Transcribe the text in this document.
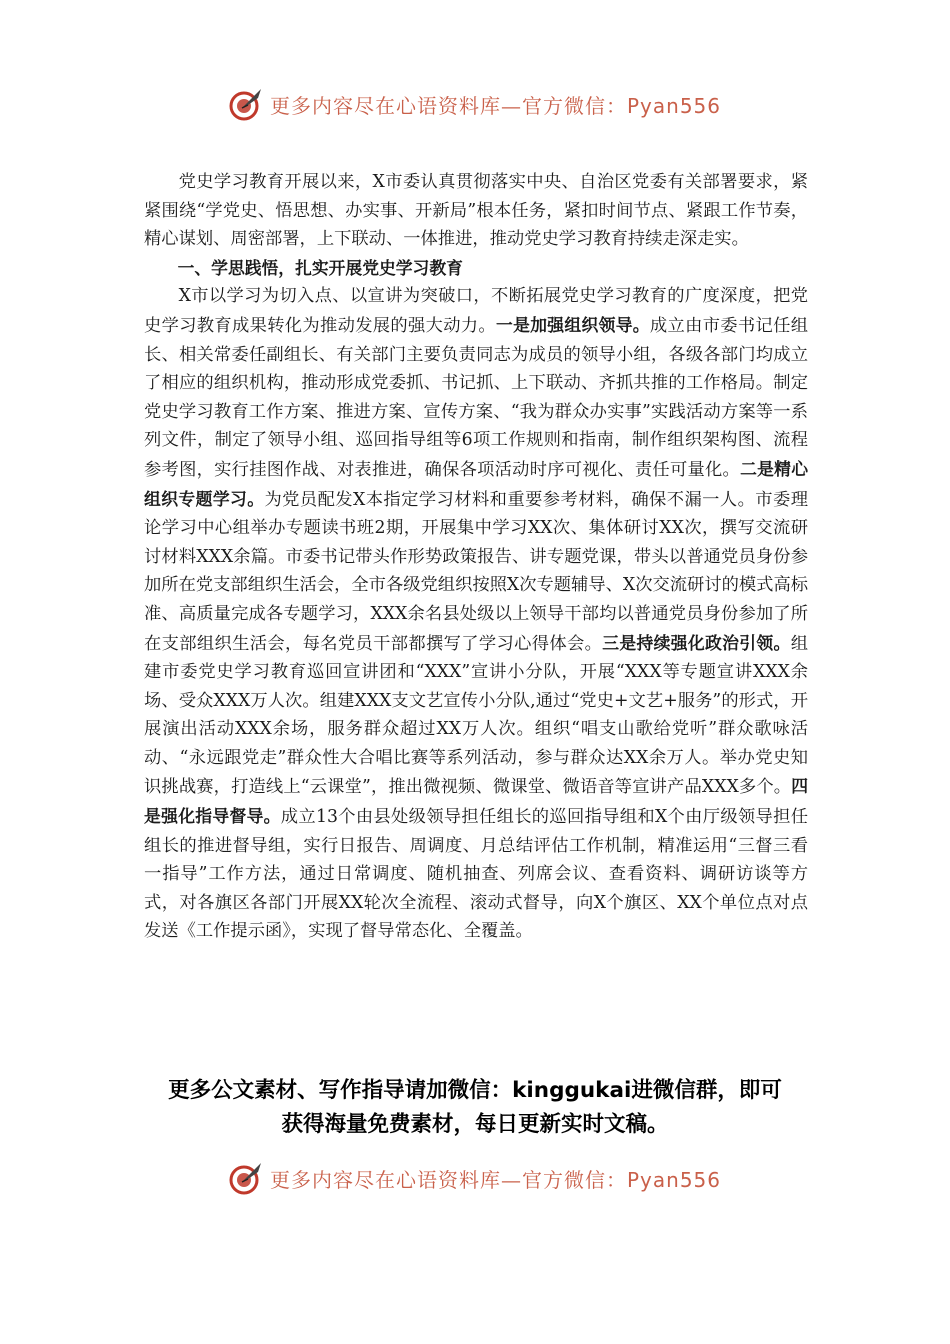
更多内容尽在心语资料库—官方微信：Pyan556

党史学习教育开展以来，X市委认真贯彻落实中央、自治区党委有关部署要求，紧紧围绕“学党史、悟思想、办实事、开新局”根本任务，紧扣时间节点、紧跟工作节奏，精心谋划、周密部署，上下联动、一体推进，推动党史学习教育持续走深走实。

一、学思践悟，扎实开展党史学习教育

X市以学习为切入点、以宣讲为突破口，不断拓展党史学习教育的广度深度，把党史学习教育成果转化为推动发展的强大动力。一是加强组织领导。成立由市委书记任组长、相关常委任副组长、有关部门主要负责同志为成员的领导小组，各级各部门均成立了相应的组织机构，推动形成党委抓、书记抓、上下联动、齐抓共推的工作格局。制定党史学习教育工作方案、推进方案、宣传方案、“我为群众办实事”实践活动方案等一系列文件，制定了领导小组、巡回指导组等6项工作规则和指南，制作组织架构图、流程参考图，实行挂图作战、对表推进，确保各项活动时序可视化、责任可量化。二是精心组织专题学习。为党员配发X本指定学习材料和重要参考材料，确保不漏一人。市委理论学习中心组举办专题读书班2期，开展集中学习XX次、集体研讨XX次，撰写交流研讨材料XXX余篇。市委书记带头作形势政策报告、讲专题党课，带头以普通党员身份参加所在党支部组织生活会，全市各级党组织按照X次专题辅导、X次交流研讨的模式高标准、高质量完成各专题学习，XXX余名县处级以上领导干部均以普通党员身份参加了所在支部组织生活会，每名党员干部都撰写了学习心得体会。三是持续强化政治引领。组建市委党史学习教育巡回宣讲团和“XXX”宣讲小分队，开展“XXX等专题宣讲XXX余场、受众XXX万人次。组建XXX支文艺宣传小分队,通过“党史+文艺+服务”的形式，开展演出活动XXX余场，服务群众超过XX万人次。组织“唱支山歌给党听”群众歌咏活动、“永远跟党走”群众性大合唱比赛等系列活动，参与群众达XX余万人。举办党史知识挑战赛，打造线上“云课堂”，推出微视频、微课堂、微语音等宣讲产品XXX多个。四是强化指导督导。成立13个由县处级领导担任组长的巡回指导组和X个由厅级领导担任组长的推进督导组，实行日报告、周调度、月总结评估工作机制，精准运用“三督三看一指导”工作方法，通过日常调度、随机抽查、列席会议、查看资料、调研访谈等方式，对各旗区各部门开展XX轮次全流程、滚动式督导，向X个旗区、XX个单位点对点发送《工作提示函》，实现了督导常态化、全覆盖。

更多公文素材、写作指导请加微信：kinggukai进微信群，即可
获得海量免费素材，每日更新实时文稿。
更多内容尽在心语资料库—官方微信：Pyan556
